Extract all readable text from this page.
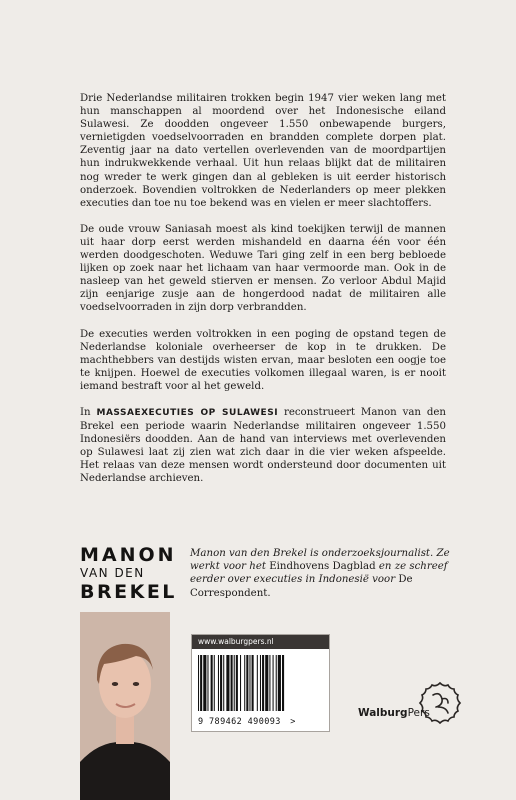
Drie Nederlandse militairen trokken begin 1947 vier weken lang met hun manschappen al moordend over het Indonesische eiland Sulawesi. Ze doodden ongeveer 1.550 onbewapende burgers, vernietigden voedselvoorraden en brandden complete dorpen plat. Zeventig jaar na dato vertellen overlevenden van de moordpartijen hun indrukwekkende verhaal. Uit hun relaas blijkt dat de militairen nog wreder te werk gingen dan al gebleken is uit eerder historisch onderzoek. Bovendien voltrokken de Nederlanders op meer plekken executies dan toe nu toe bekend was en vielen er meer slachtoffers.

De oude vrouw Saniasah moest als kind toekijken terwijl de mannen uit haar dorp eerst werden mishandeld en daarna één voor één werden doodgeschoten. Weduwe Tari ging zelf in een berg bebloede lijken op zoek naar het lichaam van haar vermoorde man. Ook in de nasleep van het geweld stierven er mensen. Zo verloor Abdul Majid zijn eenjarige zusje aan de hongerdood nadat de militairen alle voedselvoorraden in zijn dorp verbrandden.

De executies werden voltrokken in een poging de opstand tegen de Nederlandse koloniale overheerser de kop in te drukken. De machthebbers van destijds wisten ervan, maar besloten een oogje toe te knijpen. Hoewel de executies volkomen illegaal waren, is er nooit iemand bestraft voor al het geweld.

In MASSAEXECUTIES OP SULAWESI reconstrueert Manon van den Brekel een periode waarin Nederlandse militairen ongeveer 1.550 Indonesiërs doodden. Aan de hand van interviews met overlevenden op Sulawesi laat zij zien wat zich daar in die vier weken afspeelde. Het relaas van deze mensen wordt ondersteund door documenten uit Nederlandse archieven.

MANON
VAN DEN
BREKEL
Manon van den Brekel is onderzoeksjournalist. Ze werkt voor het Eindhovens Dagblad en ze schreef eerder over executies in Indonesië voor De Correspondent.
www.walburgpers.nl
9 789462 490093 >
WalburgPers
